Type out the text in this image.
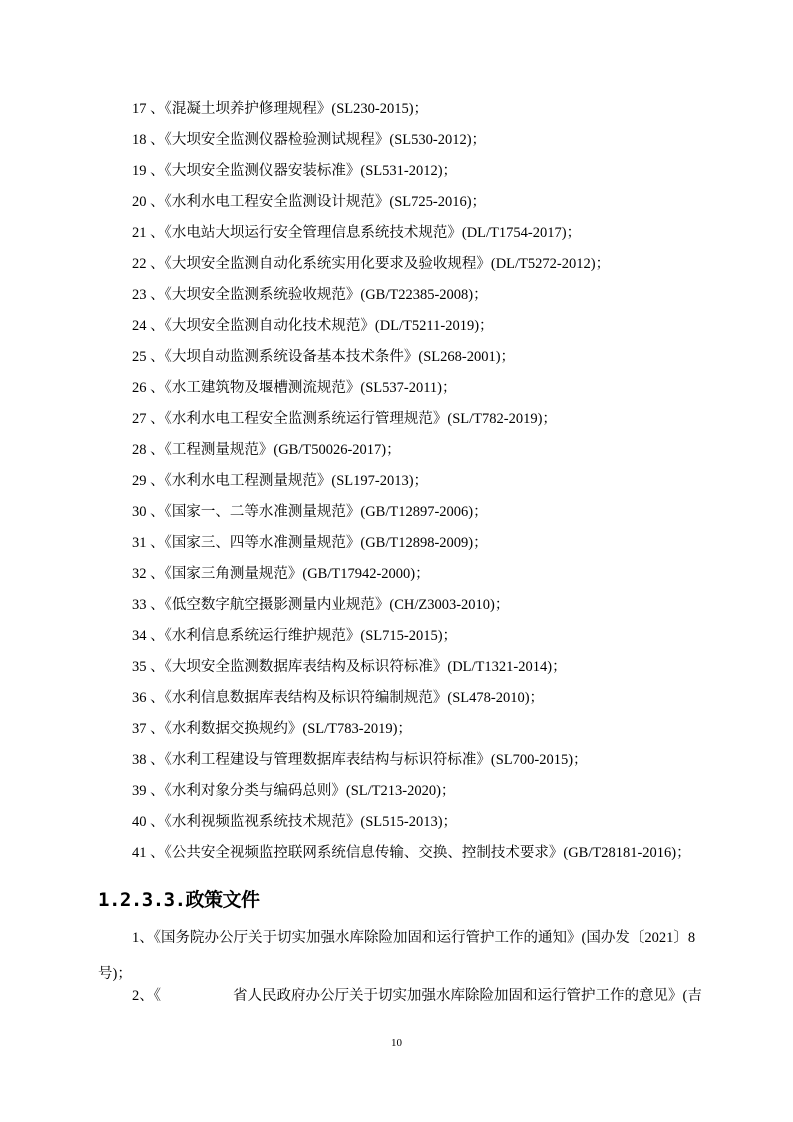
17 、《混凝土坝养护修理规程》(SL230-2015)；
18 、《大坝安全监测仪器检验测试规程》(SL530-2012)；
19 、《大坝安全监测仪器安装标准》(SL531-2012)；
20 、《水利水电工程安全监测设计规范》(SL725-2016)；
21 、《水电站大坝运行安全管理信息系统技术规范》(DL/T1754-2017)；
22 、《大坝安全监测自动化系统实用化要求及验收规程》(DL/T5272-2012)；
23 、《大坝安全监测系统验收规范》(GB/T22385-2008)；
24 、《大坝安全监测自动化技术规范》(DL/T5211-2019)；
25 、《大坝自动监测系统设备基本技术条件》(SL268-2001)；
26 、《水工建筑物及堰槽测流规范》(SL537-2011)；
27 、《水利水电工程安全监测系统运行管理规范》(SL/T782-2019)；
28 、《工程测量规范》(GB/T50026-2017)；
29 、《水利水电工程测量规范》(SL197-2013)；
30 、《国家一、二等水准测量规范》(GB/T12897-2006)；
31 、《国家三、四等水准测量规范》(GB/T12898-2009)；
32 、《国家三角测量规范》(GB/T17942-2000)；
33 、《低空数字航空摄影测量内业规范》(CH/Z3003-2010)；
34 、《水利信息系统运行维护规范》(SL715-2015)；
35 、《大坝安全监测数据库表结构及标识符标准》(DL/T1321-2014)；
36 、《水利信息数据库表结构及标识符编制规范》(SL478-2010)；
37 、《水利数据交换规约》(SL/T783-2019)；
38 、《水利工程建设与管理数据库表结构与标识符标准》(SL700-2015)；
39 、《水利对象分类与编码总则》(SL/T213-2020)；
40 、《水利视频监视系统技术规范》(SL515-2013)；
41 、《公共安全视频监控联网系统信息传输、交换、控制技术要求》(GB/T28181-2016)；
1.2.3.3.政策文件
1、《国务院办公厅关于切实加强水库除险加固和运行管护工作的通知》(国办发〔2021〕8 号)；
2、《	省人民政府办公厅关于切实加强水库除险加固和运行管护工作的意见》(吉
10
